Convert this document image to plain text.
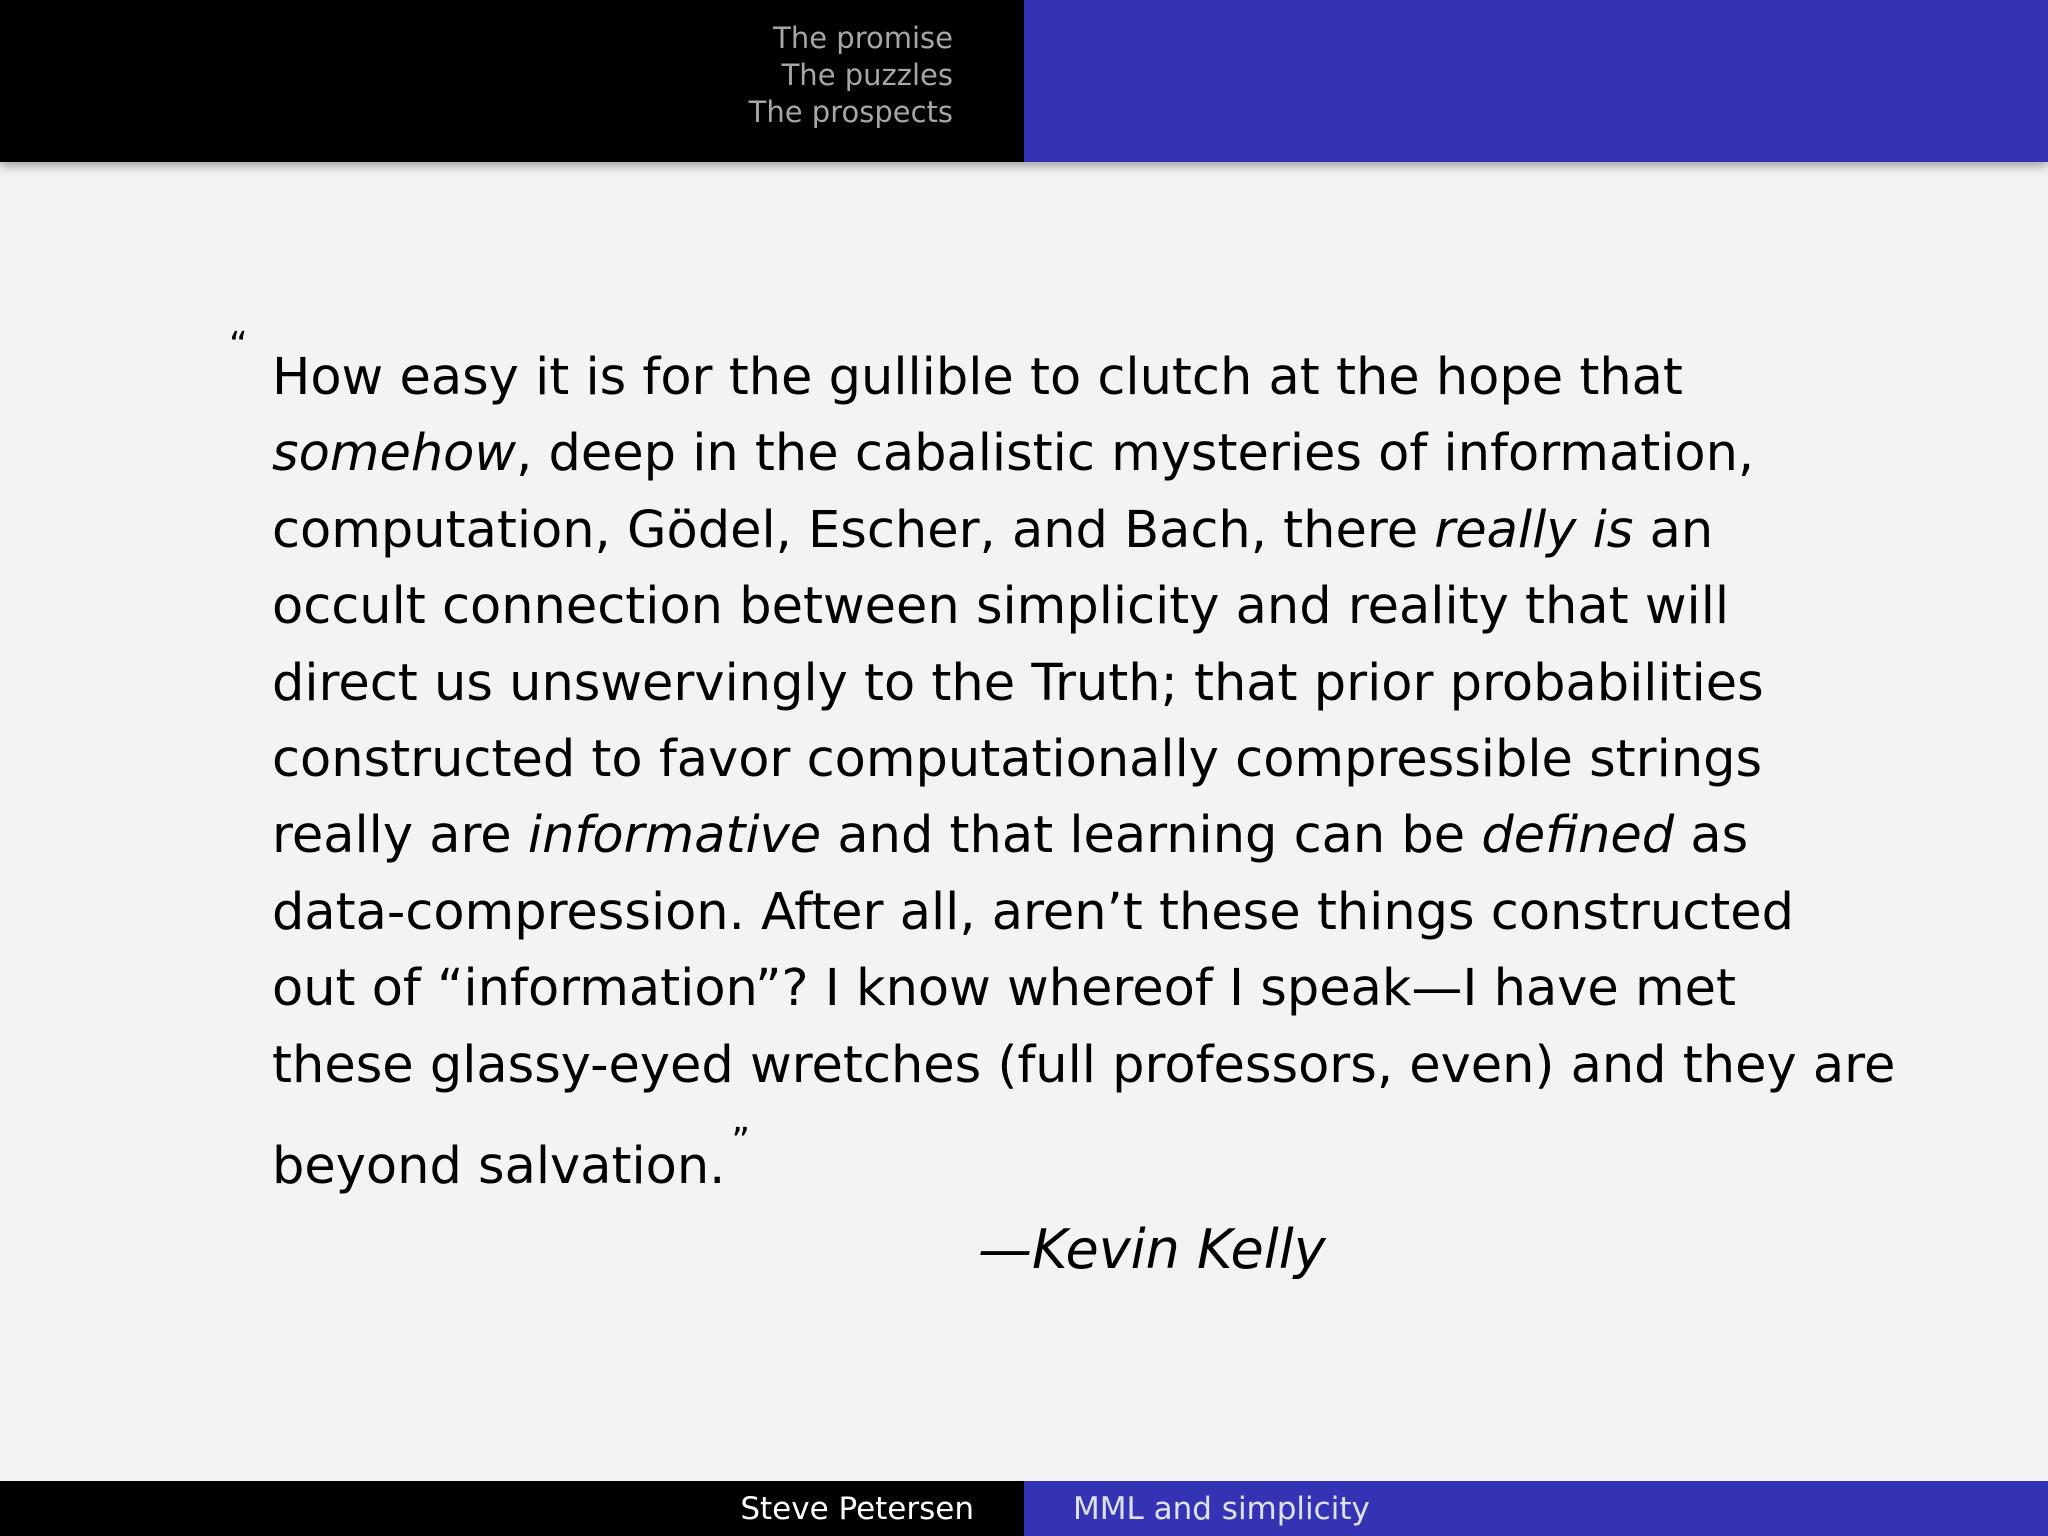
The promise
The puzzles
The prospects
“
How easy it is for the gullible to clutch at the hope that
somehow, deep in the cabalistic mysteries of information,
computation, Gödel, Escher, and Bach, there really is an
occult connection between simplicity and reality that will
direct us unswervingly to the Truth; that prior probabilities
constructed to favor computationally compressible strings
really are informative and that learning can be defined as
data-compression. After all, aren’t these things constructed
out of “information”? I know whereof I speak—I have met
these glassy-eyed wretches (full professors, even) and they are
beyond salvation. ”
—Kevin Kelly
Steve Petersen	MML and simplicity
